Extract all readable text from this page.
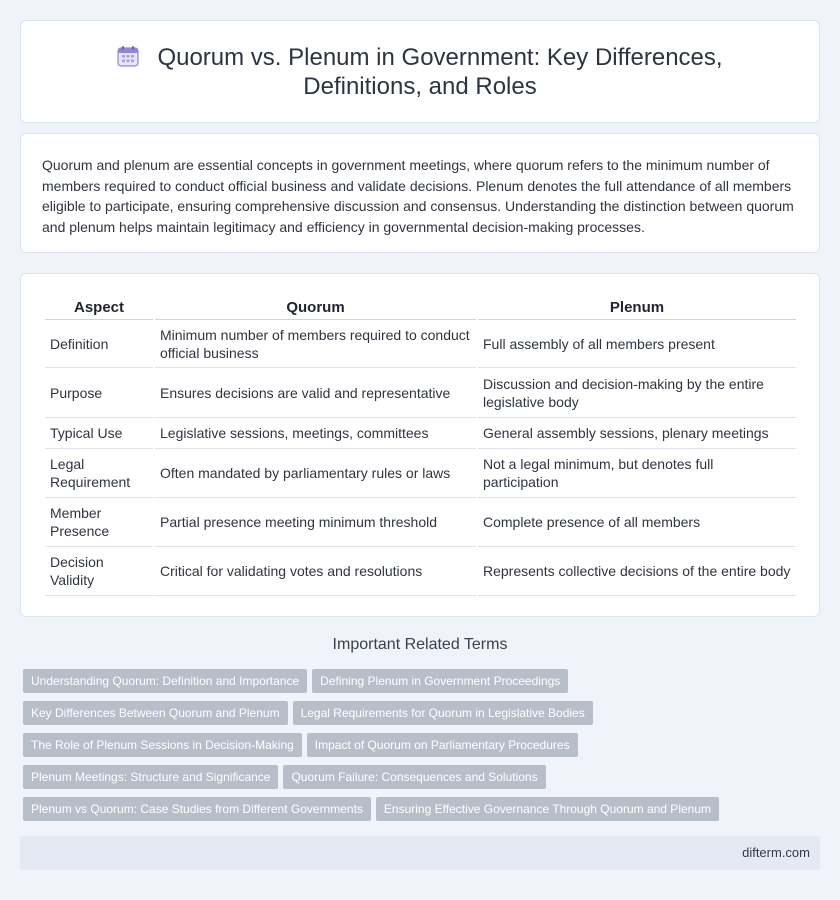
Quorum vs. Plenum in Government: Key Differences, Definitions, and Roles
Quorum and plenum are essential concepts in government meetings, where quorum refers to the minimum number of members required to conduct official business and validate decisions. Plenum denotes the full attendance of all members eligible to participate, ensuring comprehensive discussion and consensus. Understanding the distinction between quorum and plenum helps maintain legitimacy and efficiency in governmental decision-making processes.
Aspect	Quorum	Plenum
Definition	Minimum number of members required to conduct official business	Full assembly of all members present
Purpose	Ensures decisions are valid and representative	Discussion and decision-making by the entire legislative body
Typical Use	Legislative sessions, meetings, committees	General assembly sessions, plenary meetings
Legal Requirement	Often mandated by parliamentary rules or laws	Not a legal minimum, but denotes full participation
Member Presence	Partial presence meeting minimum threshold	Complete presence of all members
Decision Validity	Critical for validating votes and resolutions	Represents collective decisions of the entire body
Important Related Terms
Understanding Quorum: Definition and Importance Defining Plenum in Government Proceedings
Key Differences Between Quorum and Plenum Legal Requirements for Quorum in Legislative Bodies
The Role of Plenum Sessions in Decision-Making Impact of Quorum on Parliamentary Procedures
Plenum Meetings: Structure and Significance Quorum Failure: Consequences and Solutions
Plenum vs Quorum: Case Studies from Different Governments Ensuring Effective Governance Through Quorum and Plenum
difterm.com
